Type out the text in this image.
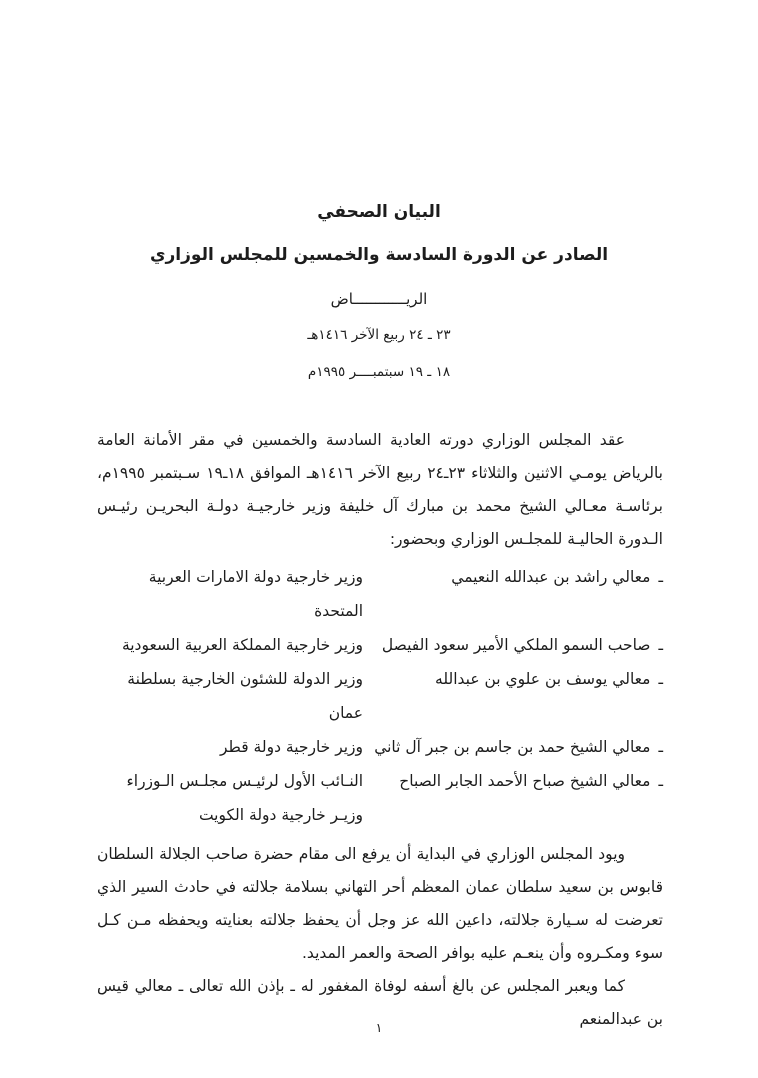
البيان الصحفي
الصادر عن الدورة السادسة والخمسين للمجلس الوزاري
الريــــــــــــاض
٢٣ ـ ٢٤ ربيع الآخر ١٤١٦هـ
١٨ ـ ١٩ سبتمبــــر ١٩٩٥م

عقد المجلس الوزاري دورته العادية السادسة والخمسين في مقر الأمانة العامة بالرياض يومـي الاثنين والثلاثاء ٢٣ـ٢٤ ربيع الآخر ١٤١٦هـ الموافق ١٨ـ١٩ سـبتمبر ١٩٩٥م، برئاسـة معـالي الشيخ محمد بن مبارك آل خليفة وزير خارجيـة دولـة البحريـن رئيـس الـدورة الحاليـة للمجلـس الوزاري وبحضور:

ـ
معالي راشد بن عبدالله النعيمي
وزير خارجية دولة الامارات العربية المتحدة
ـ
صاحب السمو الملكي الأمير سعود الفيصل
وزير خارجية المملكة العربية السعودية
ـ
معالي يوسف بن علوي بن عبدالله
وزير الدولة للشئون الخارجية بسلطنة عمان
ـ
معالي الشيخ حمد بن جاسم بن جبر آل ثاني
وزير خارجية دولة قطر
ـ
معالي الشيخ صباح الأحمد الجابر الصباح
النـائب الأول لرئيـس مجلـس الـوزراء وزيـر خارجية دولة الكويت

ويود المجلس الوزاري في البداية أن يرفع الى مقام حضرة صاحب الجلالة السلطان قابوس بن سعيد سلطان عمان المعظم أحر التهاني بسلامة جلالته في حادث السير الذي تعرضت له سـيارة جلالته، داعين الله عز وجل أن يحفظ جلالته بعنايته ويحفظه مـن كـل سوء ومكـروه وأن ينعـم عليه بوافر الصحة والعمر المديد.

كما ويعبر المجلس عن بالغ أسفه لوفاة المغفور له ـ بإذن الله تعالى ـ معالي قيس بن عبدالمنعم

١
